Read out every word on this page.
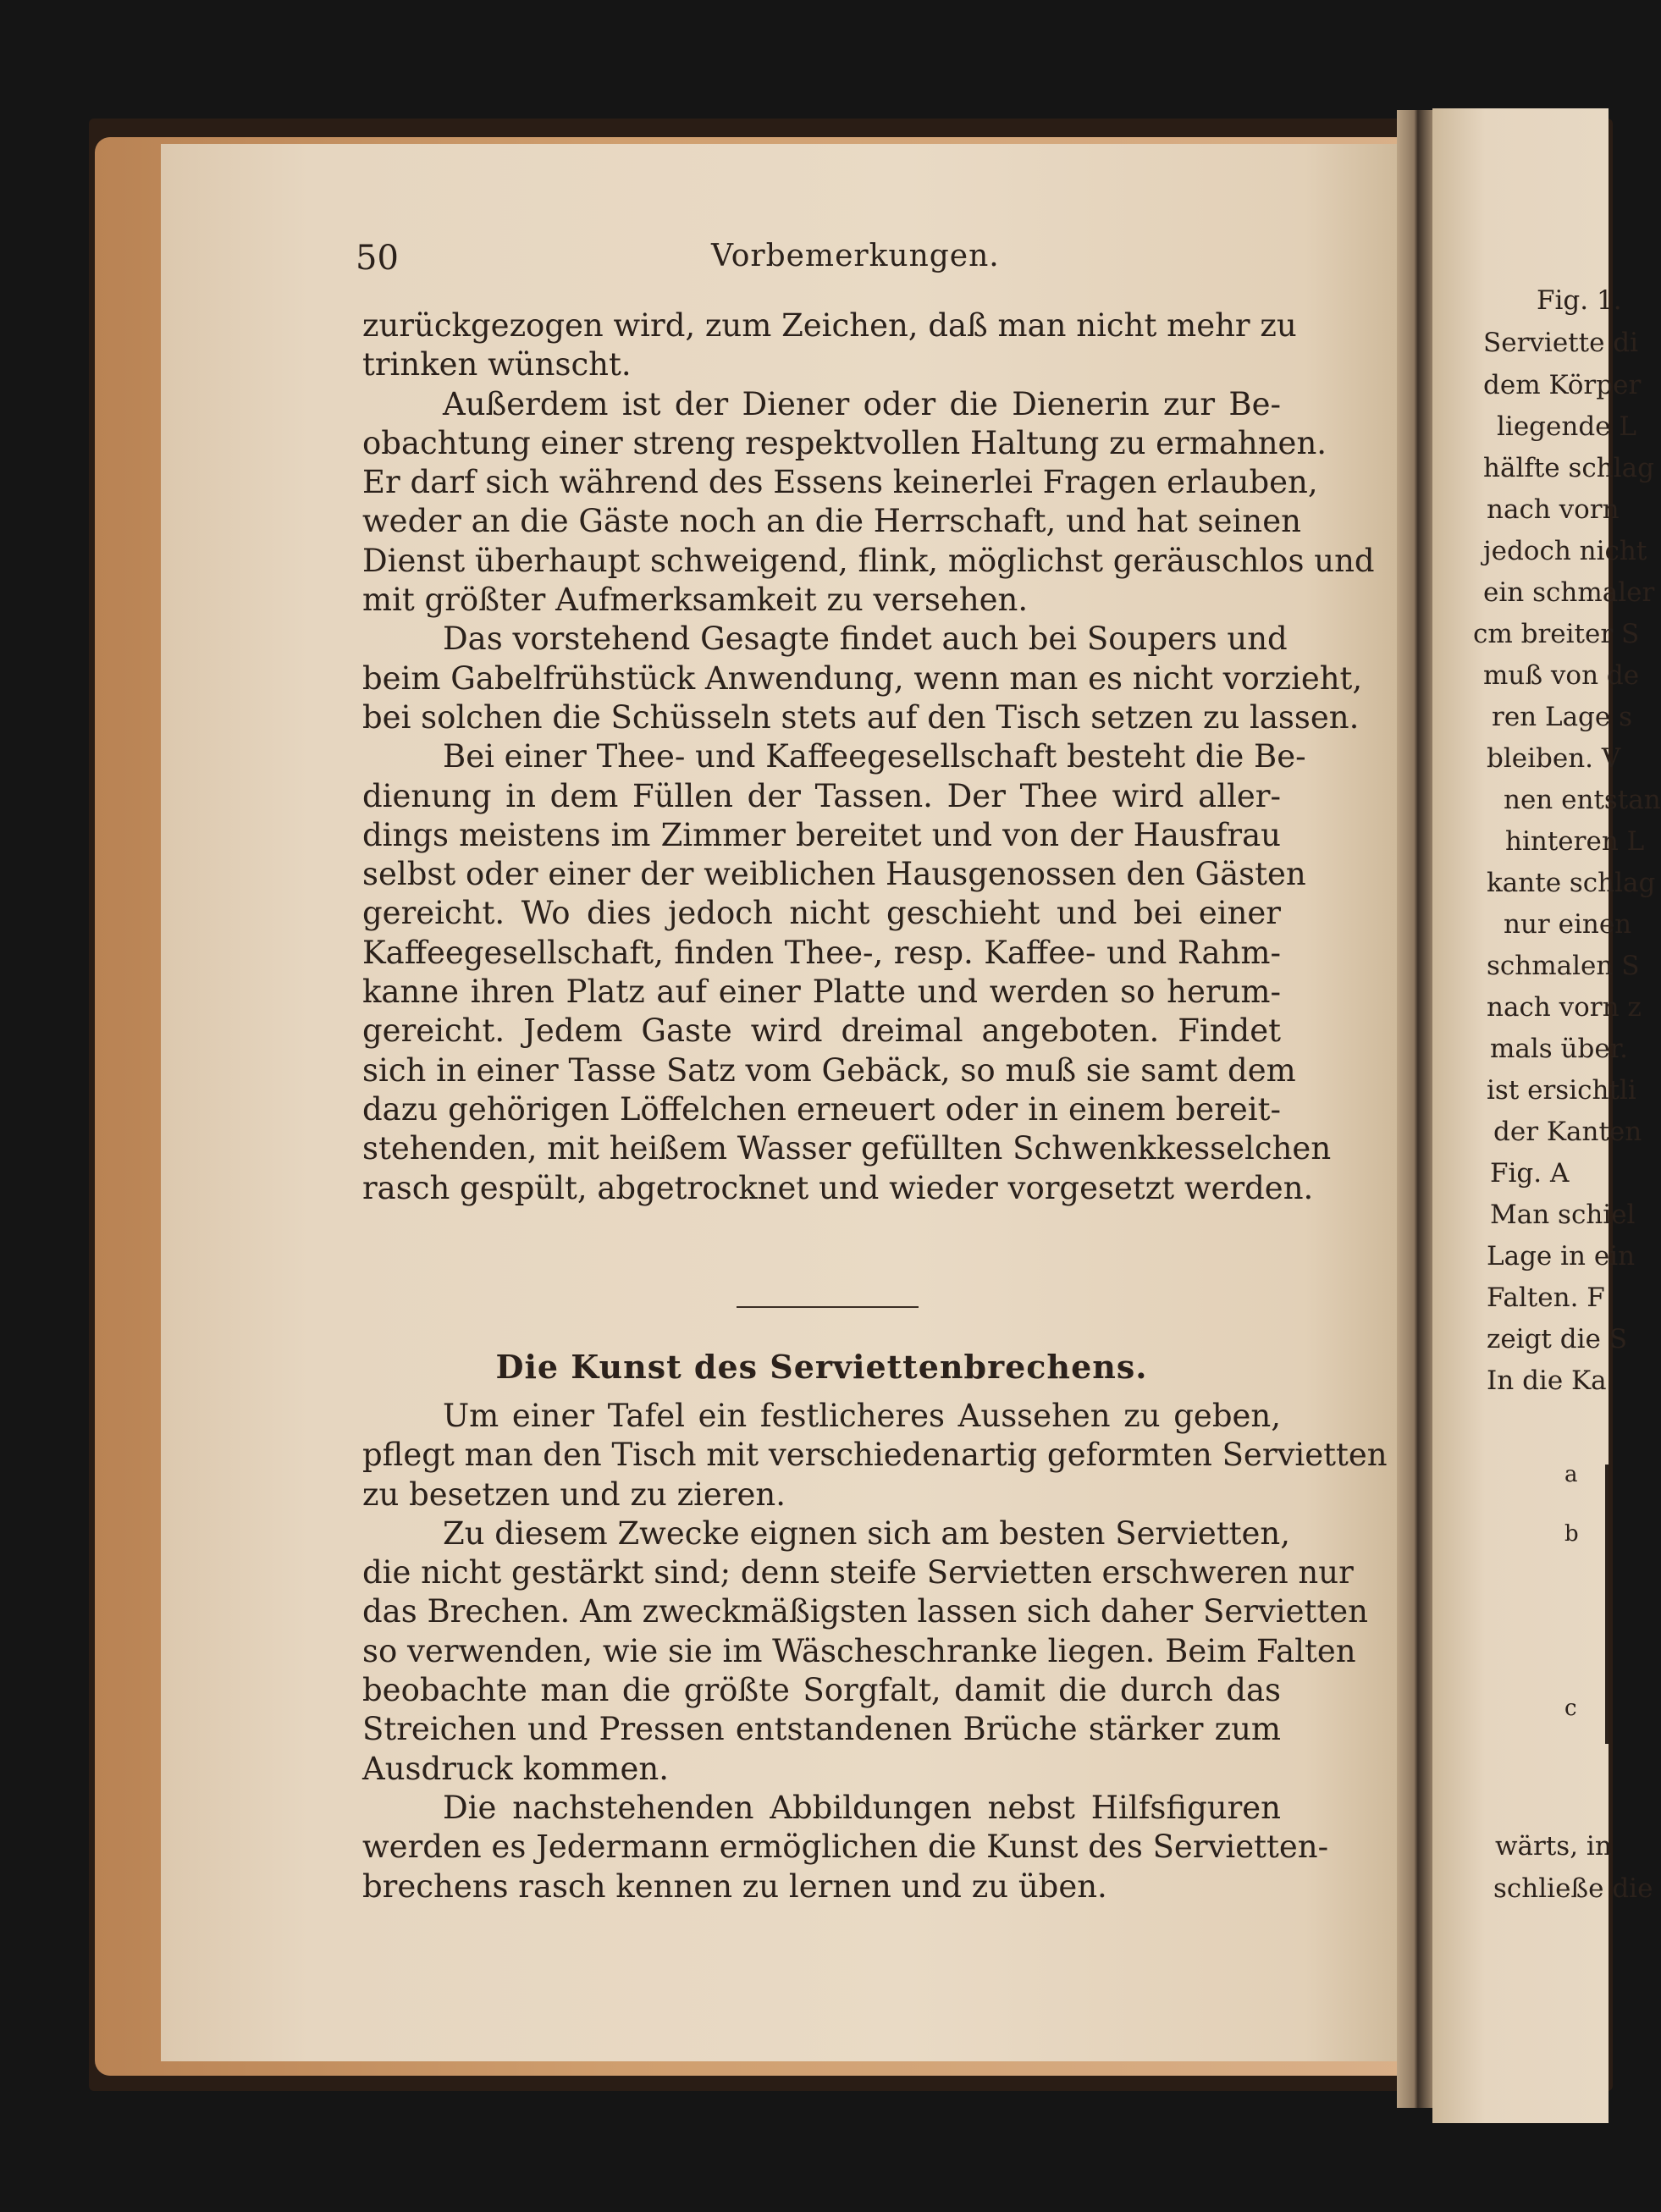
50	Vorbemerkungen.
zurückgezogen wird, zum Zeichen, daß man nicht mehr zu
trinken wünscht.
Außerdem ist der Diener oder die Dienerin zur Be-
obachtung einer streng respektvollen Haltung zu ermahnen.
Er darf sich während des Essens keinerlei Fragen erlauben,
weder an die Gäste noch an die Herrschaft, und hat seinen
Dienst überhaupt schweigend, flink, möglichst geräuschlos und
mit größter Aufmerksamkeit zu versehen.
Das vorstehend Gesagte findet auch bei Soupers und
beim Gabelfrühstück Anwendung, wenn man es nicht vorzieht,
bei solchen die Schüsseln stets auf den Tisch setzen zu lassen.
Bei einer Thee- und Kaffeegesellschaft besteht die Be-
dienung in dem Füllen der Tassen. Der Thee wird aller-
dings meistens im Zimmer bereitet und von der Hausfrau
selbst oder einer der weiblichen Hausgenossen den Gästen
gereicht. Wo dies jedoch nicht geschieht und bei einer
Kaffeegesellschaft, finden Thee-, resp. Kaffee- und Rahm-
kanne ihren Platz auf einer Platte und werden so herum-
gereicht. Jedem Gaste wird dreimal angeboten. Findet
sich in einer Tasse Satz vom Gebäck, so muß sie samt dem
dazu gehörigen Löffelchen erneuert oder in einem bereit-
stehenden, mit heißem Wasser gefüllten Schwenkkesselchen
rasch gespült, abgetrocknet und wieder vorgesetzt werden.
Die Kunst des Serviettenbrechens.
Um einer Tafel ein festlicheres Aussehen zu geben,
pflegt man den Tisch mit verschiedenartig geformten Servietten
zu besetzen und zu zieren.
Zu diesem Zwecke eignen sich am besten Servietten,
die nicht gestärkt sind; denn steife Servietten erschweren nur
das Brechen. Am zweckmäßigsten lassen sich daher Servietten
so verwenden, wie sie im Wäscheschranke liegen. Beim Falten
beobachte man die größte Sorgfalt, damit die durch das
Streichen und Pressen entstandenen Brüche stärker zum
Ausdruck kommen.
Die nachstehenden Abbildungen nebst Hilfsfiguren
werden es Jedermann ermöglichen die Kunst des Servietten-
brechens rasch kennen zu lernen und zu üben.
Fig. 1.
Serviette di
dem Körper
liegende L
hälfte schlag
nach vorn
jedoch nicht
ein schmaler
cm breiter S
muß von de
ren Lage s
bleiben. V
nen entstan
hinteren L
kante schlag
nur einen
schmalen S
nach vorn z
mals über.
ist ersichtli
der Kanten
Fig. A
Man schiel
Lage in ein
Falten. F
zeigt die S
In die Ka
a
b
c
wärts, in
schließe die
